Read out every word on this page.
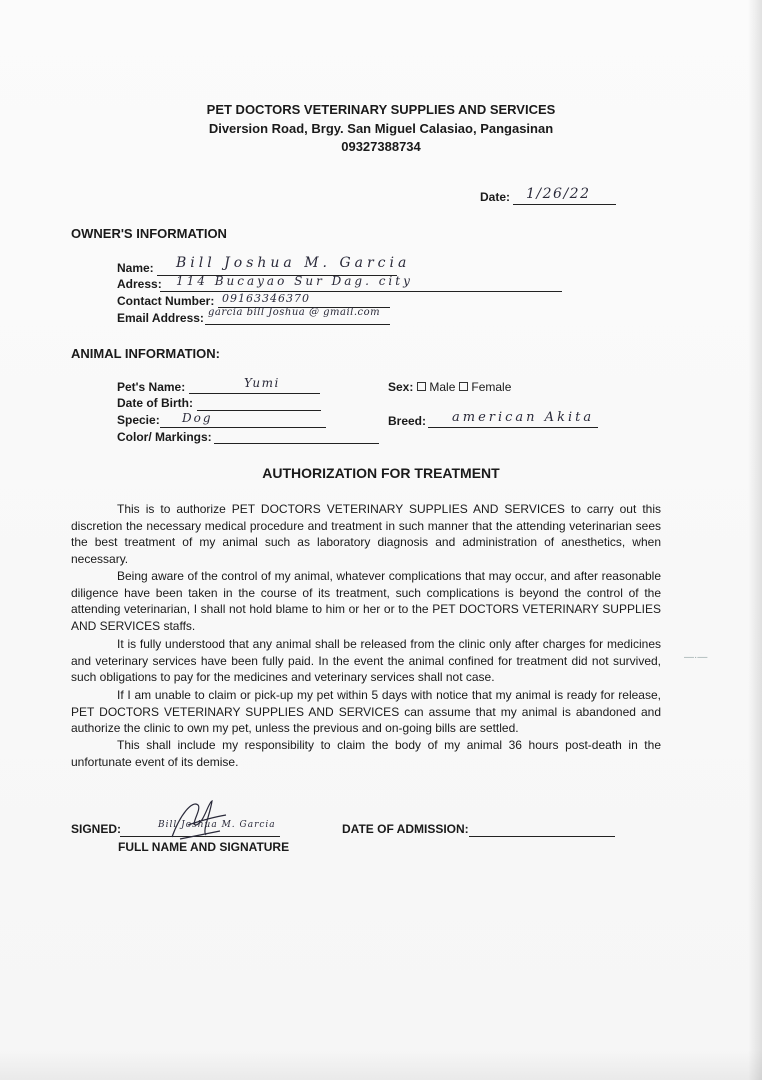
PET DOCTORS VETERINARY SUPPLIES AND SERVICES
Diversion Road, Brgy. San Miguel Calasiao, Pangasinan
09327388734
Date: 1/26/22
OWNER'S INFORMATION
Name: Bill Joshua M. Garcia
Adress: 114 Bucayao Sur Dag. city
Contact Number: 09163346370
Email Address: garcia bill Joshua @ gmail.com
ANIMAL INFORMATION:
Pet's Name:	Yumi
Date of Birth:
Specie: Dog
Color/ Markings:
Sex: Male Female
Breed: american Akita
AUTHORIZATION FOR TREATMENT
This is to authorize PET DOCTORS VETERINARY SUPPLIES AND SERVICES to carry out this discretion the necessary medical procedure and treatment in such manner that the attending veterinarian sees the best treatment of my animal such as laboratory diagnosis and administration of anesthetics, when necessary.
Being aware of the control of my animal, whatever complications that may occur, and after reasonable diligence have been taken in the course of its treatment, such complications is beyond the control of the attending veterinarian, I shall not hold blame to him or her or to the PET DOCTORS VETERINARY SUPPLIES AND SERVICES staffs.
It is fully understood that any animal shall be released from the clinic only after charges for medicines and veterinary services have been fully paid. In the event the animal confined for treatment did not survived, such obligations to pay for the medicines and veterinary services shall not case.
If I am unable to claim or pick-up my pet within 5 days with notice that my animal is ready for release, PET DOCTORS VETERINARY SUPPLIES AND SERVICES can assume that my animal is abandoned and authorize the clinic to own my pet, unless the previous and on-going bills are settled.
This shall include my responsibility to claim the body of my animal 36 hours post-death in the unfortunate event of its demise.
SIGNED:	Bill Joshua M. Garcia
FULL NAME AND SIGNATURE
DATE OF ADMISSION:
—·—
